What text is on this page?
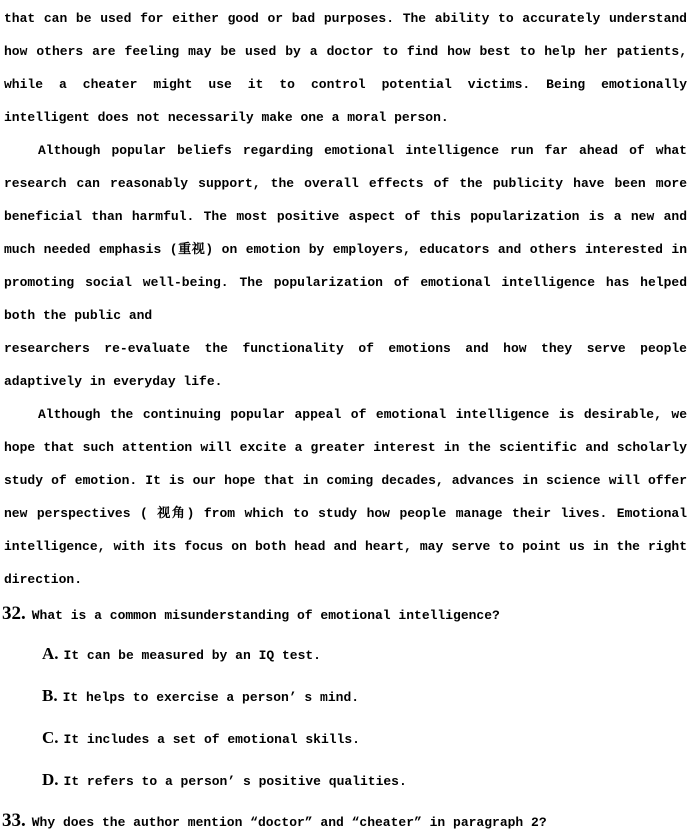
that can be used for either good or bad purposes. The ability to accurately understand how others are feeling may be used by a doctor to find how best to help her patients, while a cheater might use it to control potential victims. Being emotionally intelligent does not necessarily make one a moral person.

Although popular beliefs regarding emotional intelligence run far ahead of what research can reasonably support, the overall effects of the publicity have been more beneficial than harmful. The most positive aspect of this popularization is a new and much needed emphasis (重视) on emotion by employers, educators and others interested in promoting social well-being. The popularization of emotional intelligence has helped both the public and

researchers re-evaluate the functionality of emotions and how they serve people adaptively in everyday life.

Although the continuing popular appeal of emotional intelligence is desirable, we hope that such attention will excite a greater interest in the scientific and scholarly study of emotion. It is our hope that in coming decades, advances in science will offer new perspectives ( 视角) from which to study how people manage their lives. Emotional intelligence, with its focus on both head and heart, may serve to point us in the right direction.

32. What is a common misunderstanding of emotional intelligence?
A. It can be measured by an IQ test.
B. It helps to exercise a person’ s mind.
C. It includes a set of emotional skills.
D. It refers to a person’ s positive qualities.
33. Why does the author mention “doctor” and “cheater” in paragraph 2?
